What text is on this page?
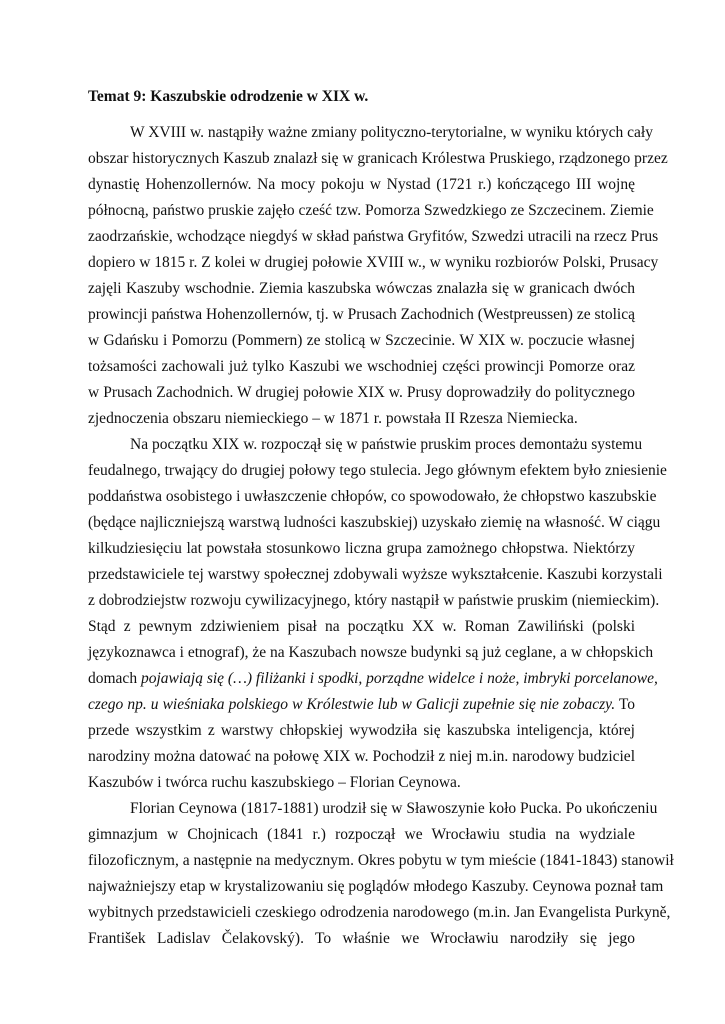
Temat 9: Kaszubskie odrodzenie w XIX w.
W XVIII w. nastąpiły ważne zmiany polityczno-terytorialne, w wyniku których cały
obszar historycznych Kaszub znalazł się w granicach Królestwa Pruskiego, rządzonego przez
dynastię Hohenzollernów. Na mocy pokoju w Nystad (1721 r.) kończącego III wojnę
północną, państwo pruskie zajęło cześć tzw. Pomorza Szwedzkiego ze Szczecinem. Ziemie
zaodrzańskie, wchodzące niegdyś w skład państwa Gryfitów, Szwedzi utracili na rzecz Prus
dopiero w 1815 r. Z kolei w drugiej połowie XVIII w., w wyniku rozbiorów Polski, Prusacy
zajęli Kaszuby wschodnie. Ziemia kaszubska wówczas znalazła się w granicach dwóch
prowincji państwa Hohenzollernów, tj. w Prusach Zachodnich (Westpreussen) ze stolicą
w Gdańsku i Pomorzu (Pommern) ze stolicą w Szczecinie. W XIX w. poczucie własnej
tożsamości zachowali już tylko Kaszubi we wschodniej części prowincji Pomorze oraz
w Prusach Zachodnich. W drugiej połowie XIX w. Prusy doprowadziły do politycznego
zjednoczenia obszaru niemieckiego – w 1871 r. powstała II Rzesza Niemiecka.
Na początku XIX w. rozpoczął się w państwie pruskim proces demontażu systemu
feudalnego, trwający do drugiej połowy tego stulecia. Jego głównym efektem było zniesienie
poddaństwa osobistego i uwłaszczenie chłopów, co spowodowało, że chłopstwo kaszubskie
(będące najliczniejszą warstwą ludności kaszubskiej) uzyskało ziemię na własność. W ciągu
kilkudziesięciu lat powstała stosunkowo liczna grupa zamożnego chłopstwa. Niektórzy
przedstawiciele tej warstwy społecznej zdobywali wyższe wykształcenie. Kaszubi korzystali
z dobrodziejstw rozwoju cywilizacyjnego, który nastąpił w państwie pruskim (niemieckim).
Stąd z pewnym zdziwieniem pisał na początku XX w. Roman Zawiliński (polski
językoznawca i etnograf), że na Kaszubach nowsze budynki są już ceglane, a w chłopskich
domach pojawiają się (…) filiżanki i spodki, porządne widelce i noże, imbryki porcelanowe,
czego np. u wieśniaka polskiego w Królestwie lub w Galicji zupełnie się nie zobaczy. To
przede wszystkim z warstwy chłopskiej wywodziła się kaszubska inteligencja, której
narodziny można datować na połowę XIX w. Pochodził z niej m.in. narodowy budziciel
Kaszubów i twórca ruchu kaszubskiego – Florian Ceynowa.
Florian Ceynowa (1817-1881) urodził się w Sławoszynie koło Pucka. Po ukończeniu
gimnazjum w Chojnicach (1841 r.) rozpoczął we Wrocławiu studia na wydziale
filozoficznym, a następnie na medycznym. Okres pobytu w tym mieście (1841-1843) stanowił
najważniejszy etap w krystalizowaniu się poglądów młodego Kaszuby. Ceynowa poznał tam
wybitnych przedstawicieli czeskiego odrodzenia narodowego (m.in. Jan Evangelista Purkyně,
František Ladislav Čelakovský). To właśnie we Wrocławiu narodziły się jego
